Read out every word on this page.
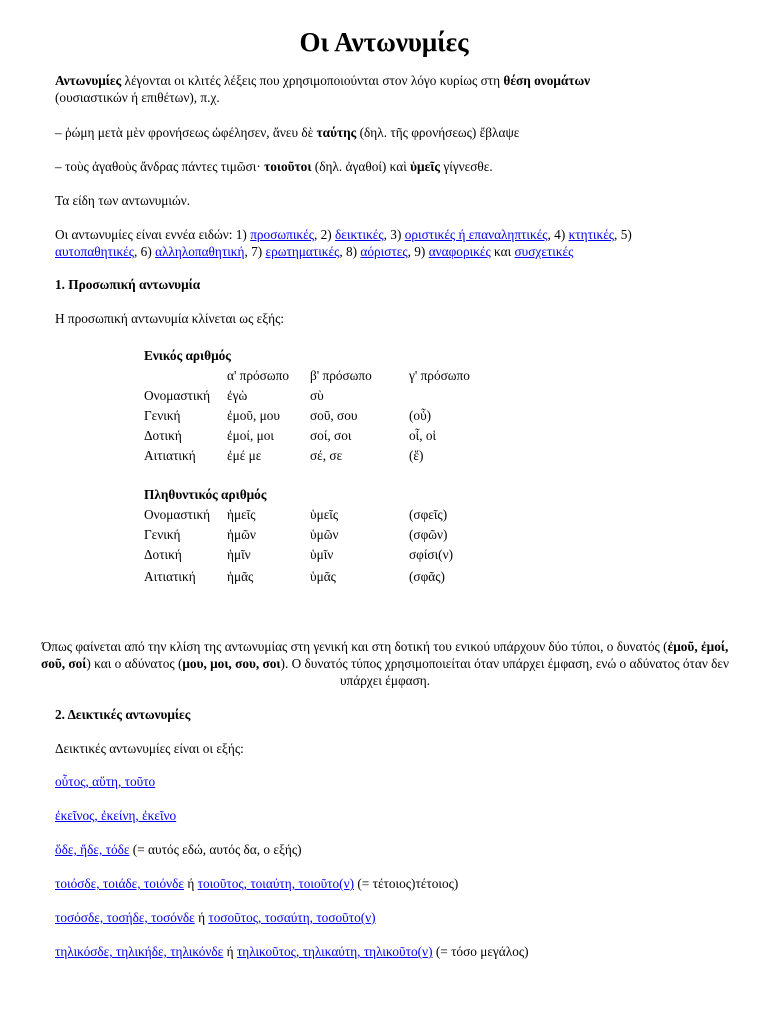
Οι Αντωνυμίες

Αντωνυμίες λέγονται οι κλιτές λέξεις που χρησιμοποιούνται στον λόγο κυρίως στη θέση ονομάτων
(ουσιαστικών ή επιθέτων), π.χ.

– ῥώμη μετὰ μὲν φρονήσεως ὠφέλησεν, ἄνευ δὲ ταύτης (δηλ. τῆς φρονήσεως) ἔβλαψε

– τοὺς ἀγαθοὺς ἄνδρας πάντες τιμῶσι· τοιοῦτοι (δηλ. ἀγαθοί) καὶ ὑμεῖς γίγνεσθε.

Τα είδη των αντωνυμιών.

Οι αντωνυμίες είναι εννέα ειδών: 1) προσωπικές, 2) δεικτικές, 3) οριστικές ή επαναληπτικές, 4) κτητικές, 5)
αυτοπαθητικές, 6) αλληλοπαθητική, 7) ερωτηματικές, 8) αόριστες, 9) αναφορικές και συσχετικές

1. Προσωπική αντωνυμία

Η προσωπική αντωνυμία κλίνεται ως εξής:

Ενικός αριθμός
α' πρόσωπο β' πρόσωπο	γ' πρόσωπο
Ονομαστική ἐγὼ	σὺ
Γενική	ἐμοῦ, μου σοῦ, σου	(οὗ)
Δοτική	ἐμοί, μοι	σοί, σοι	οἷ, οἱ
Αιτιατική ἐμέ με	σέ, σε	(ἕ)
Πληθυντικός αριθμός
Ονομαστική ἡμεῖς	ὑμεῖς	(σφεῖς)
Γενική	ἡμῶν	ὑμῶν	(σφῶν)
Δοτική	ἡμῖν	ὑμῖν	σφίσι(ν)
Αιτιατική ἡμᾶς	ὑμᾶς	(σφᾶς)

Όπως φαίνεται από την κλίση της αντωνυμίας στη γενική και στη δοτική του ενικού υπάρχουν δύο τύποι, ο δυνατός (ἐμοῦ, ἐμοί, σοῦ, σοί) και ο αδύνατος (μου, μοι, σου, σοι). Ο δυνατός τύπος χρησιμοποιείται όταν υπάρχει έμφαση, ενώ ο αδύνατος όταν δεν υπάρχει έμφαση.

2. Δεικτικές αντωνυμίες

Δεικτικές αντωνυμίες είναι οι εξής:

οὗτος, αὕτη, τοῦτο

ἐκεῖνος, ἐκείνη, ἐκεῖνο

ὅδε, ἥδε, τόδε (= αυτός εδώ, αυτός δα, ο εξής)

τοιόσδε, τοιάδε, τοιόνδε ή τοιοῦτος, τοιαύτη, τοιοῦτο(ν) (= τέτοιος)τέτοιος)

τοσόσδε, τοσήδε, τοσόνδε ή τοσοῦτος, τοσαύτη, τοσοῦτο(ν)

τηλικόσδε, τηλικήδε, τηλικόνδε ή τηλικοῦτος, τηλικαύτη, τηλικοῦτο(ν) (= τόσο μεγάλος)
